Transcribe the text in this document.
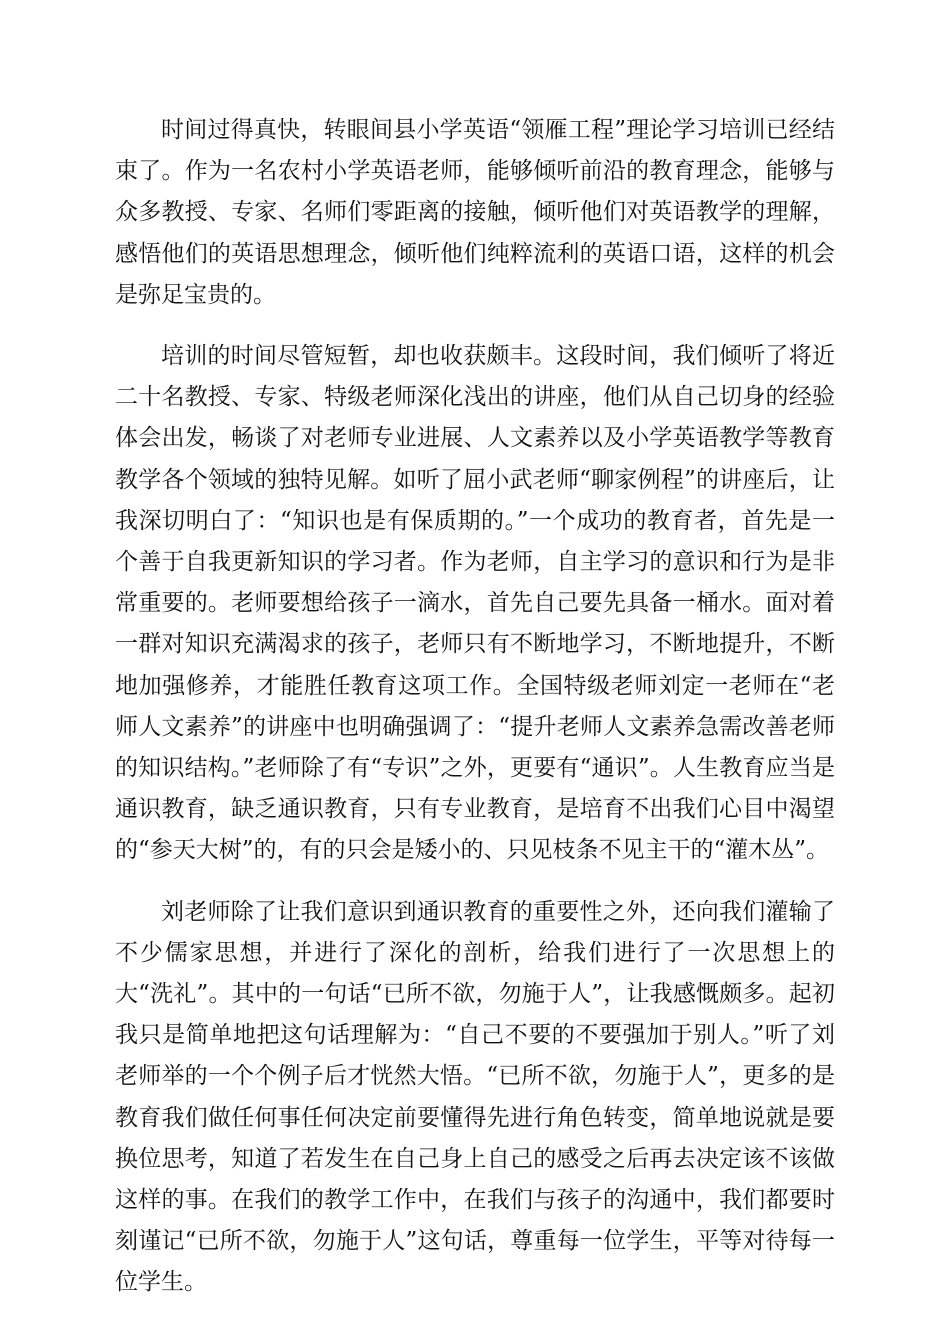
时间过得真快，转眼间县小学英语“领雁工程”理论学习培训已经结束了。作为一名农村小学英语老师，能够倾听前沿的教育理念，能够与众多教授、专家、名师们零距离的接触，倾听他们对英语教学的理解，感悟他们的英语思想理念，倾听他们纯粹流利的英语口语，这样的机会是弥足宝贵的。

培训的时间尽管短暂，却也收获颇丰。这段时间，我们倾听了将近二十名教授、专家、特级老师深化浅出的讲座，他们从自己切身的经验体会出发，畅谈了对老师专业进展、人文素养以及小学英语教学等教育教学各个领域的独特见解。如听了屈小武老师“聊家例程”的讲座后，让我深切明白了：“知识也是有保质期的。”一个成功的教育者，首先是一个善于自我更新知识的学习者。作为老师，自主学习的意识和行为是非常重要的。老师要想给孩子一滴水，首先自己要先具备一桶水。面对着一群对知识充满渴求的孩子，老师只有不断地学习，不断地提升，不断地加强修养，才能胜任教育这项工作。全国特级老师刘定一老师在“老师人文素养”的讲座中也明确强调了：“提升老师人文素养急需改善老师的知识结构。”老师除了有“专识”之外，更要有“通识”。人生教育应当是通识教育，缺乏通识教育，只有专业教育，是培育不出我们心目中渴望的“参天大树”的，有的只会是矮小的、只见枝条不见主干的“灌木丛”。

刘老师除了让我们意识到通识教育的重要性之外，还向我们灌输了不少儒家思想，并进行了深化的剖析，给我们进行了一次思想上的大“洗礼”。其中的一句话“已所不欲，勿施于人”，让我感慨颇多。起初我只是简单地把这句话理解为：“自己不要的不要强加于别人。”听了刘老师举的一个个例子后才恍然大悟。“已所不欲，勿施于人”，更多的是教育我们做任何事任何决定前要懂得先进行角色转变，简单地说就是要换位思考，知道了若发生在自己身上自己的感受之后再去决定该不该做这样的事。在我们的教学工作中，在我们与孩子的沟通中，我们都要时刻谨记“已所不欲，勿施于人”这句话，尊重每一位学生，平等对待每一位学生。
